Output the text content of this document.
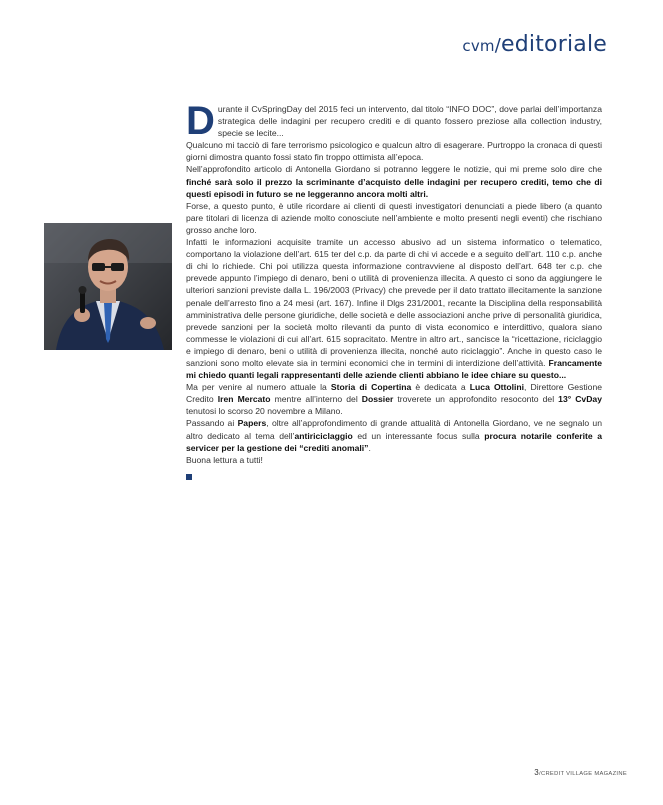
cvm/editoriale
D urante il CvSpringDay del 2015 feci un intervento, dal titolo “INFO DOC”, dove parlai dell’importanza strategica delle indagini per recupero crediti e di quanto fossero preziose alla collection industry, specie se lecite...

Qualcuno mi tacciò di fare terrorismo psicologico e qualcun altro di esagerare. Purtroppo la cronaca di questi giorni dimostra quanto fossi stato fin troppo ottimista all’epoca.

Nell’approfondito articolo di Antonella Giordano si potranno leggere le notizie, qui mi preme solo dire che finché sarà solo il prezzo la scriminante d’acquisto delle indagini per recupero crediti, temo che di questi episodi in futuro se ne leggeranno ancora molti altri.

Forse, a questo punto, è utile ricordare ai clienti di questi investigatori denunciati a piede libero (a quanto pare titolari di licenza di aziende molto conosciute nell’ambiente e molto presenti negli eventi) che rischiano grosso anche loro.

Infatti le informazioni acquisite tramite un accesso abusivo ad un sistema informatico o telematico, comportano la violazione dell’art. 615 ter del c.p. da parte di chi vi accede e a seguito dell’art. 110 c.p. anche di chi lo richiede. Chi poi utilizza questa informazione contravviene al disposto dell’art. 648 ter c.p. che prevede appunto l’impiego di denaro, beni o utilità di provenienza illecita. A questo ci sono da aggiungere le ulteriori sanzioni previste dalla L. 196/2003 (Privacy) che prevede per il dato trattato illecitamente la sanzione penale dell’arresto fino a 24 mesi (art. 167). Infine il Dlgs 231/2001, recante la Disciplina della responsabilità amministrativa delle persone giuridiche, delle società e delle associazioni anche prive di personalità giuridica, prevede sanzioni per la società molto rilevanti da punto di vista economico e interdittivo, qualora siano commesse le violazioni di cui all’art. 615 sopracitato. Mentre in altro art., sancisce la “ricettazione, riciclaggio e impiego di denaro, beni o utilità di provenienza illecita, nonché auto riciclaggio”. Anche in questo caso le sanzioni sono molto elevate sia in termini economici che in termini di interdizione dell’attività. Francamente mi chiedo quanti legali rappresentanti delle aziende clienti abbiano le idee chiare su questo...

Ma per venire al numero attuale la Storia di Copertina è dedicata a Luca Ottolini, Direttore Gestione Credito Iren Mercato mentre all’interno del Dossier troverete un approfondito resoconto del 13° CvDay tenutosi lo scorso 20 novembre a Milano.

Passando ai Papers, oltre all’approfondimento di grande attualità di Antonella Giordano, ve ne segnalo un altro dedicato al tema dell’antiriciclaggio ed un interessante focus sulla procura notarile conferite a servicer per la gestione dei “crediti anomali”.

Buona lettura a tutti!

3/CREDIT VILLAGE MAGAZINE
